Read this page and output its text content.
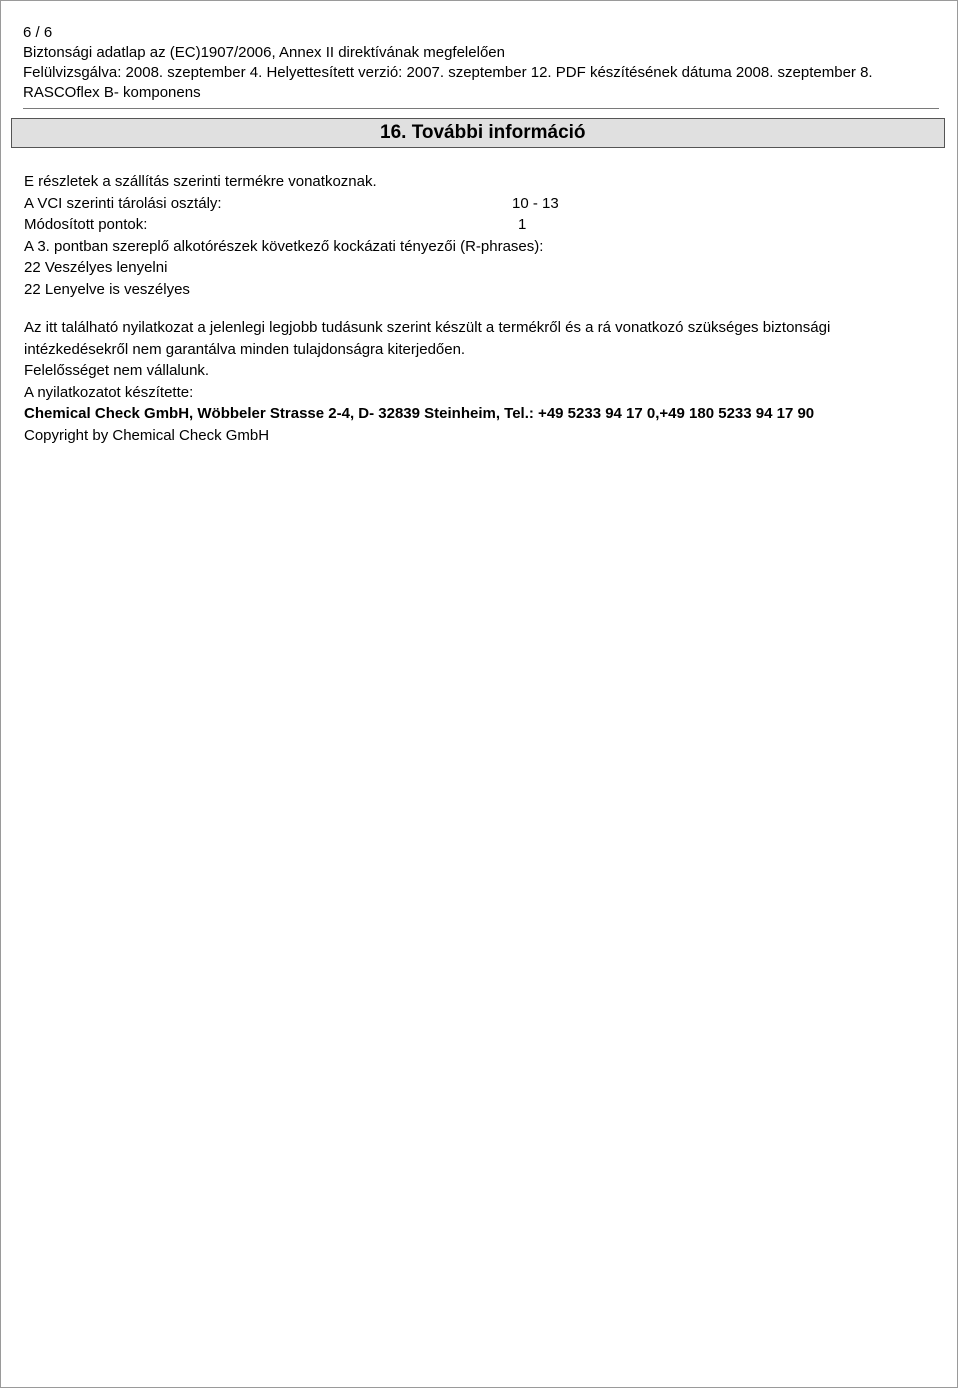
6 / 6
Biztonsági adatlap az (EC)1907/2006, Annex II direktívának megfelelően
Felülvizsgálva: 2008. szeptember 4. Helyettesített verzió: 2007. szeptember 12. PDF készítésének dátuma 2008. szeptember 8.
RASCOflex B- komponens
16. További információ
E részletek a szállítás szerinti termékre vonatkoznak.
A VCI szerinti tárolási osztály:	10 - 13
Módosított pontok:	1
A 3. pontban szereplő alkotórészek következő kockázati tényezői (R-phrases):
22 Veszélyes lenyelni
22 Lenyelve is veszélyes
Az itt található nyilatkozat a jelenlegi legjobb tudásunk szerint készült a termékről és a rá vonatkozó szükséges biztonsági
intézkedésekről nem garantálva minden tulajdonságra kiterjedően.
Felelősséget nem vállalunk.
A nyilatkozatot készítette:
Chemical Check GmbH, Wöbbeler Strasse 2-4, D- 32839 Steinheim, Tel.: +49 5233 94 17 0,+49 180 5233 94 17 90
Copyright by Chemical Check GmbH
